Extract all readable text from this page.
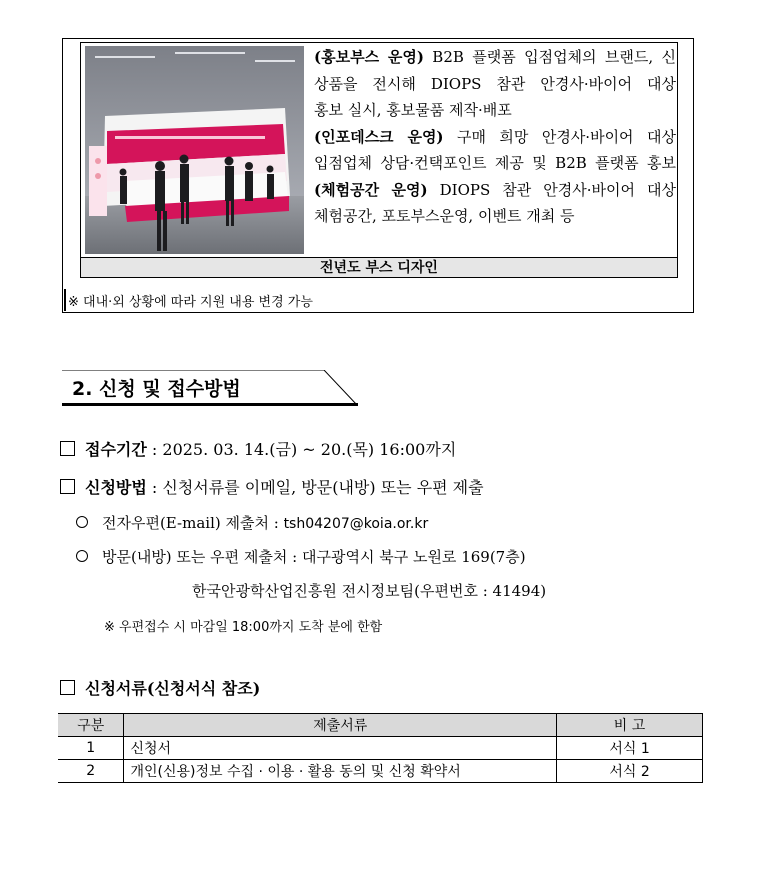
(홍보부스 운영) B2B 플랫폼 입점업체의 브랜드, 신

상품을 전시해 DIOPS 참관 안경사·바이어 대상

홍보 실시, 홍보물품 제작·배포

(인포데스크 운영) 구매 희망 안경사·바이어 대상

입점업체 상담·컨택포인트 제공 및 B2B 플랫폼 홍보

(체험공간 운영) DIOPS 참관 안경사·바이어 대상

체험공간, 포토부스운영, 이벤트 개최 등

전년도 부스 디자인
※ 대내·외 상황에 따라 지원 내용 변경 가능
2. 신청 및 접수방법
접수기간 : 2025. 03. 14.(금) ~ 20.(목) 16:00까지
신청방법 : 신청서류를 이메일, 방문(내방) 또는 우편 제출
전자우편(E-mail) 제출처 : tsh04207@koia.or.kr
방문(내방) 또는 우편 제출처 : 대구광역시 북구 노원로 169(7층)
한국안광학산업진흥원 전시정보팀(우편번호 : 41494)
※ 우편접수 시 마감일 18:00까지 도착 분에 한함
신청서류(신청서식 참조)
구분	제출서류	비 고
1	신청서	서식 1
2	개인(신용)정보 수집 · 이용 · 활용 동의 및 신청 확약서	서식 2
